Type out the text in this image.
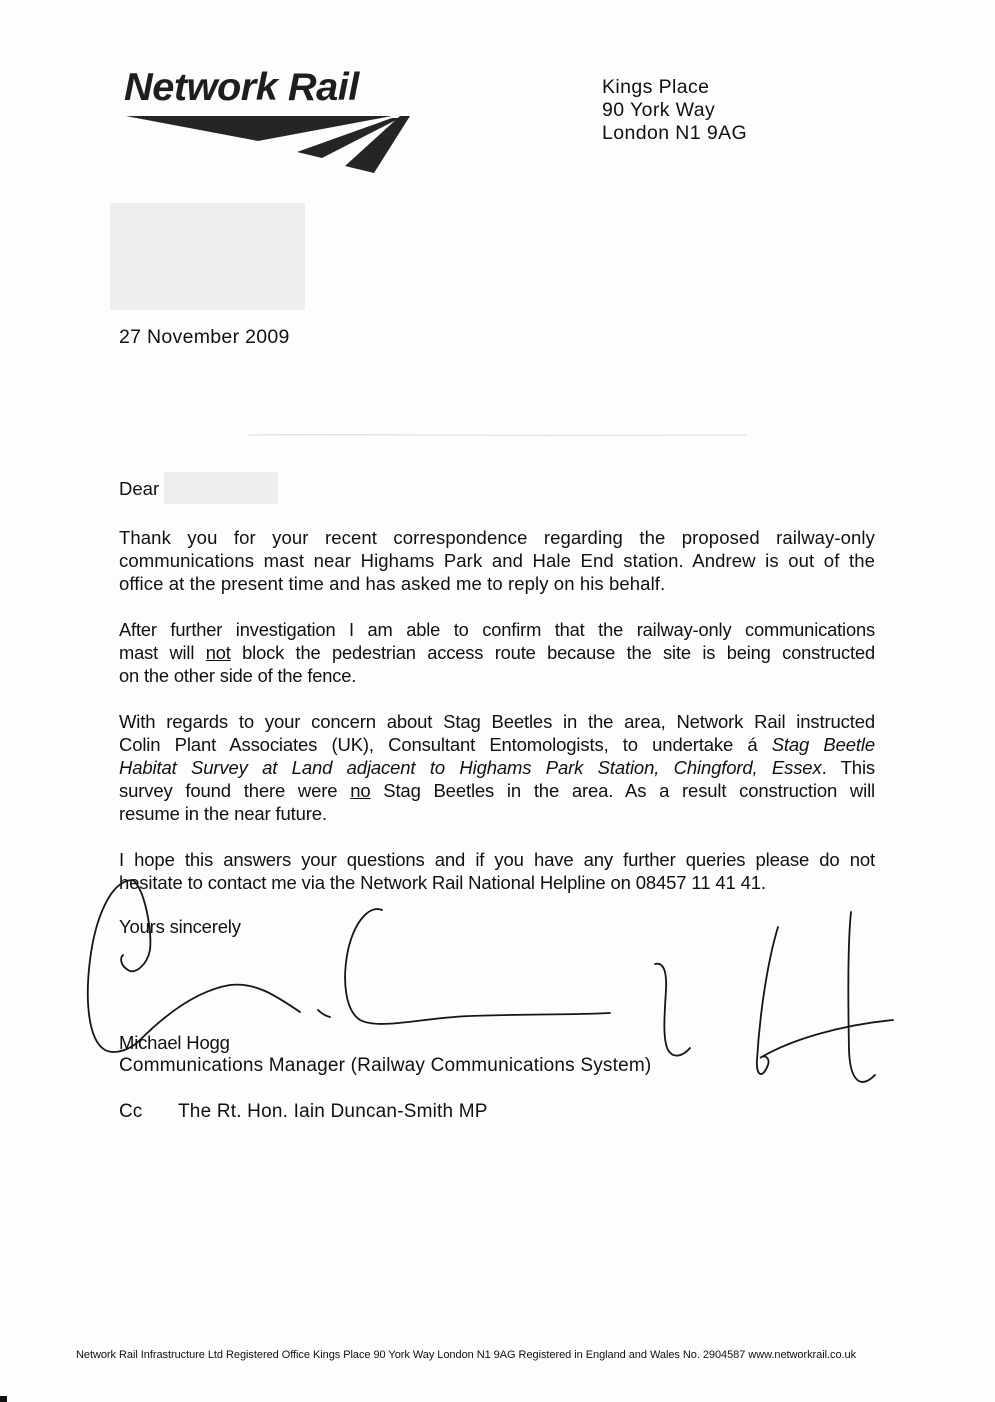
Network Rail	Kings Place
90 York Way
London N1 9AG
27 November 2009
Dear
Thank you for your recent correspondence regarding the proposed railway-only
communications mast near Highams Park and Hale End station. Andrew is out of the
office at the present time and has asked me to reply on his behalf.
After further investigation I am able to confirm that the railway-only communications
mast will not block the pedestrian access route because the site is being constructed
on the other side of the fence.
With regards to your concern about Stag Beetles in the area, Network Rail instructed
Colin Plant Associates (UK), Consultant Entomologists, to undertake á Stag Beetle
Habitat Survey at Land adjacent to Highams Park Station, Chingford, Essex. This
survey found there were no Stag Beetles in the area. As a result construction will
resume in the near future.
I hope this answers your questions and if you have any further queries please do not
hesitate to contact me via the Network Rail National Helpline on 08457 11 41 41.
Yours sincerely
Michael Hogg
Communications Manager (Railway Communications System)
Cc The Rt. Hon. Iain Duncan-Smith MP
Network Rail Infrastructure Ltd Registered Office Kings Place 90 York Way London N1 9AG Registered in England and Wales No. 2904587 www.networkrail.co.uk
